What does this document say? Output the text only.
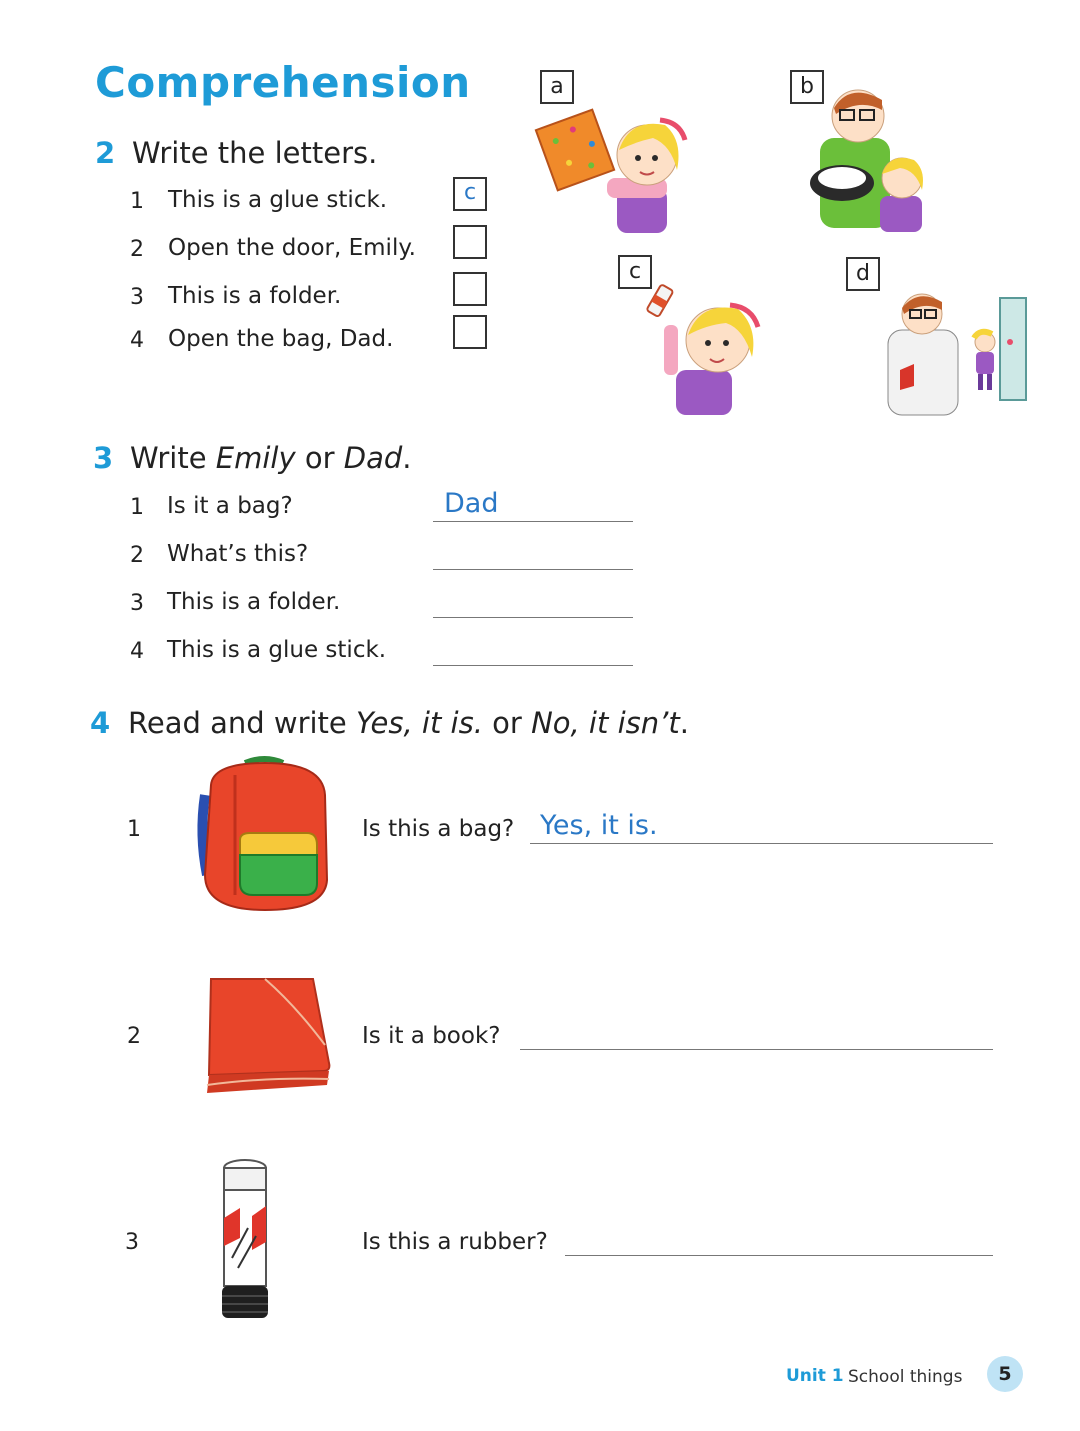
Comprehension
2 Write the letters.
1 This is a glue stick.	c
2 Open the door, Emily.
3 This is a folder.
4 Open the bag, Dad.
a	b
c	d
3 Write Emily or Dad.
1 Is it a bag?	Dad
2 What’s this?
3 This is a folder.
4 This is a glue stick.
4 Read and write Yes, it is. or No, it isn’t.
1	Is this a bag? Yes, it is.
2	Is it a book?
3	Is this a rubber?
Unit 1 School things	5
